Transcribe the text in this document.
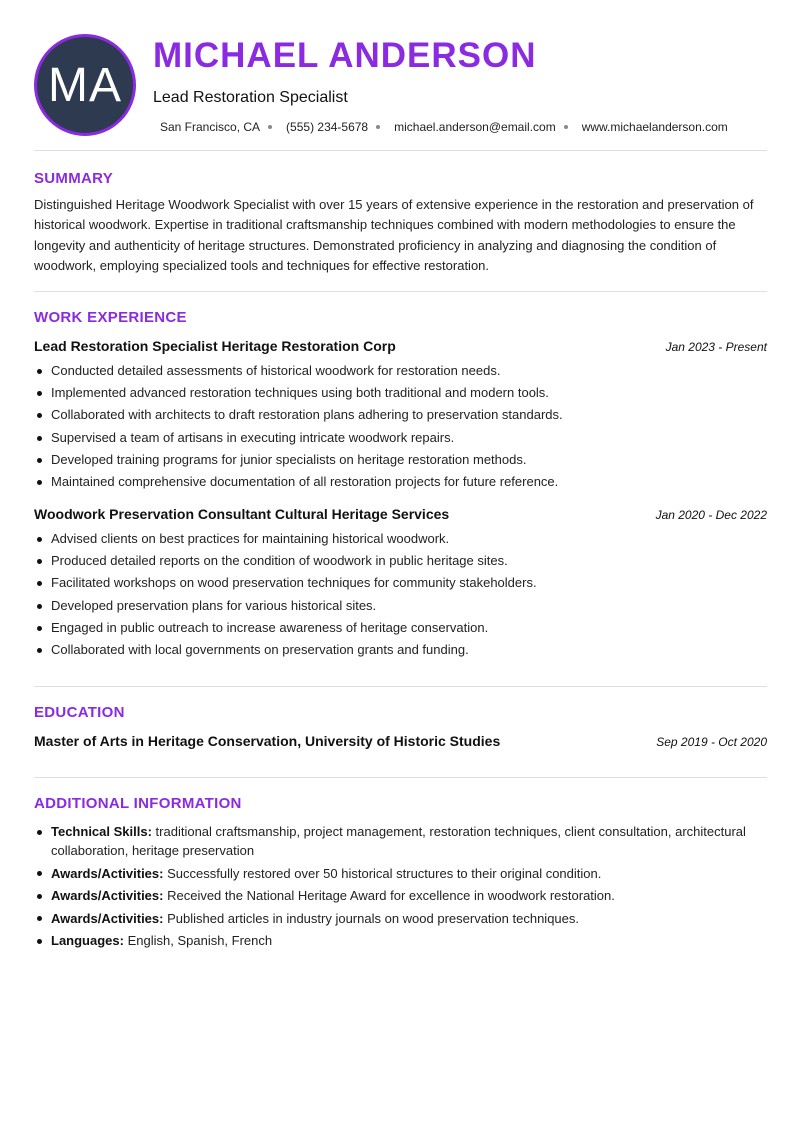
MA
MICHAEL ANDERSON
Lead Restoration Specialist
San Francisco, CA (555) 234-5678 michael.anderson@email.com www.michaelanderson.com
SUMMARY
Distinguished Heritage Woodwork Specialist with over 15 years of extensive experience in the restoration and preservation of historical woodwork. Expertise in traditional craftsmanship techniques combined with modern methodologies to ensure the longevity and authenticity of heritage structures. Demonstrated proficiency in analyzing and diagnosing the condition of woodwork, employing specialized tools and techniques for effective restoration.
WORK EXPERIENCE
Lead Restoration Specialist Heritage Restoration Corp	Jan 2023 - Present
Conducted detailed assessments of historical woodwork for restoration needs.
Implemented advanced restoration techniques using both traditional and modern tools.
Collaborated with architects to draft restoration plans adhering to preservation standards.
Supervised a team of artisans in executing intricate woodwork repairs.
Developed training programs for junior specialists on heritage restoration methods.
Maintained comprehensive documentation of all restoration projects for future reference.
Woodwork Preservation Consultant Cultural Heritage Services	Jan 2020 - Dec 2022
Advised clients on best practices for maintaining historical woodwork.
Produced detailed reports on the condition of woodwork in public heritage sites.
Facilitated workshops on wood preservation techniques for community stakeholders.
Developed preservation plans for various historical sites.
Engaged in public outreach to increase awareness of heritage conservation.
Collaborated with local governments on preservation grants and funding.
EDUCATION
Master of Arts in Heritage Conservation, University of Historic Studies	Sep 2019 - Oct 2020
ADDITIONAL INFORMATION
Technical Skills: traditional craftsmanship, project management, restoration techniques, client consultation, architectural collaboration, heritage preservation
Awards/Activities: Successfully restored over 50 historical structures to their original condition.
Awards/Activities: Received the National Heritage Award for excellence in woodwork restoration.
Awards/Activities: Published articles in industry journals on wood preservation techniques.
Languages: English, Spanish, French
